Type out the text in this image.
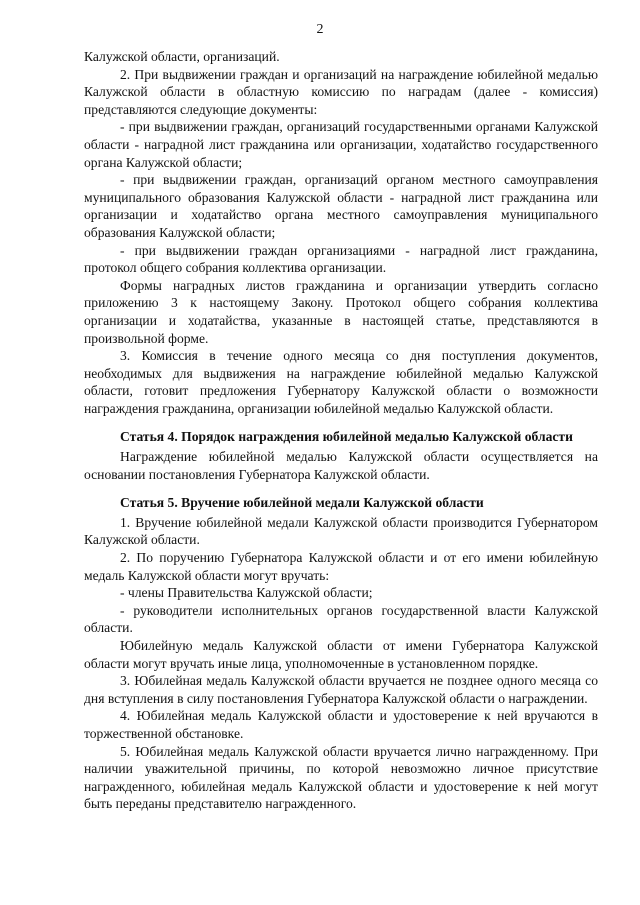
2

Калужской области, организаций.

2. При выдвижении граждан и организаций на награждение юбилейной медалью Калужской области в областную комиссию по наградам (далее - комиссия) представляются следующие документы:

- при выдвижении граждан, организаций государственными органами Калужской области - наградной лист гражданина или организации, ходатайство государственного органа Калужской области;

- при выдвижении граждан, организаций органом местного самоуправления муниципального образования Калужской области - наградной лист гражданина или организации и ходатайство органа местного самоуправления муниципального образования Калужской области;

- при выдвижении граждан организациями - наградной лист гражданина, протокол общего собрания коллектива организации.

Формы наградных листов гражданина и организации утвердить согласно приложению 3 к настоящему Закону. Протокол общего собрания коллектива организации и ходатайства, указанные в настоящей статье, представляются в произвольной форме.

3. Комиссия в течение одного месяца со дня поступления документов, необходимых для выдвижения на награждение юбилейной медалью Калужской области, готовит предложения Губернатору Калужской области о возможности награждения гражданина, организации юбилейной медалью Калужской области.

Статья 4. Порядок награждения юбилейной медалью Калужской области

Награждение юбилейной медалью Калужской области осуществляется на основании постановления Губернатора Калужской области.

Статья 5. Вручение юбилейной медали Калужской области

1. Вручение юбилейной медали Калужской области производится Губернатором Калужской области.

2. По поручению Губернатора Калужской области и от его имени юбилейную медаль Калужской области могут вручать:

- члены Правительства Калужской области;

- руководители исполнительных органов государственной власти Калужской области.

Юбилейную медаль Калужской области от имени Губернатора Калужской области могут вручать иные лица, уполномоченные в установленном порядке.

3. Юбилейная медаль Калужской области вручается не позднее одного месяца со дня вступления в силу постановления Губернатора Калужской области о награждении.

4. Юбилейная медаль Калужской области и удостоверение к ней вручаются в торжественной обстановке.

5. Юбилейная медаль Калужской области вручается лично награжденному. При наличии уважительной причины, по которой невозможно личное присутствие награжденного, юбилейная медаль Калужской области и удостоверение к ней могут быть переданы представителю награжденного.
